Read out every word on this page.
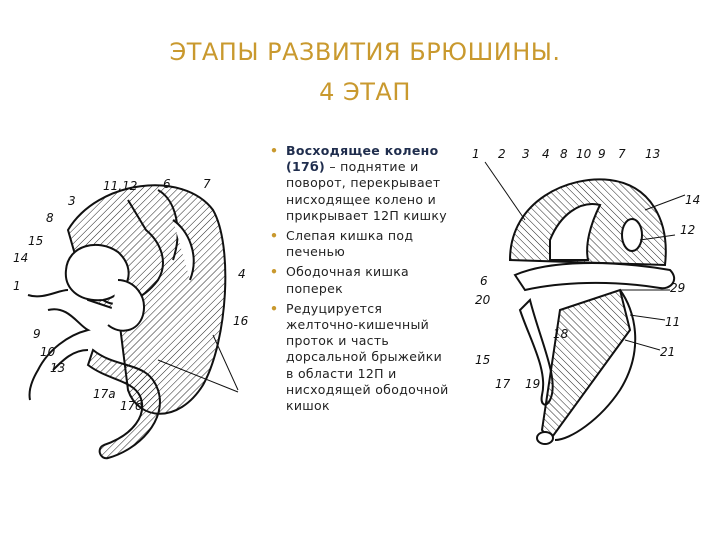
ЭТАПЫ РАЗВИТИЯ БРЮШИНЫ.
4 ЭТАП
3
11,12 6	7
8
15
14
1
4
16
9
10
13
17a
17б
• Восходящее колено (17б) – поднятие и поворот, перекрывает нисходящее колено и прикрывает 12П кишку
• Слепая кишка под печенью
• Ободочная кишка поперек
• Редуцируется желточно-кишечный проток и часть дорсальной брыжейки в области 12П и нисходящей ободочной кишок
1 2 3 4 8 10 9 7 13
14
12
6
20
29
11
18
21
15
17 19
